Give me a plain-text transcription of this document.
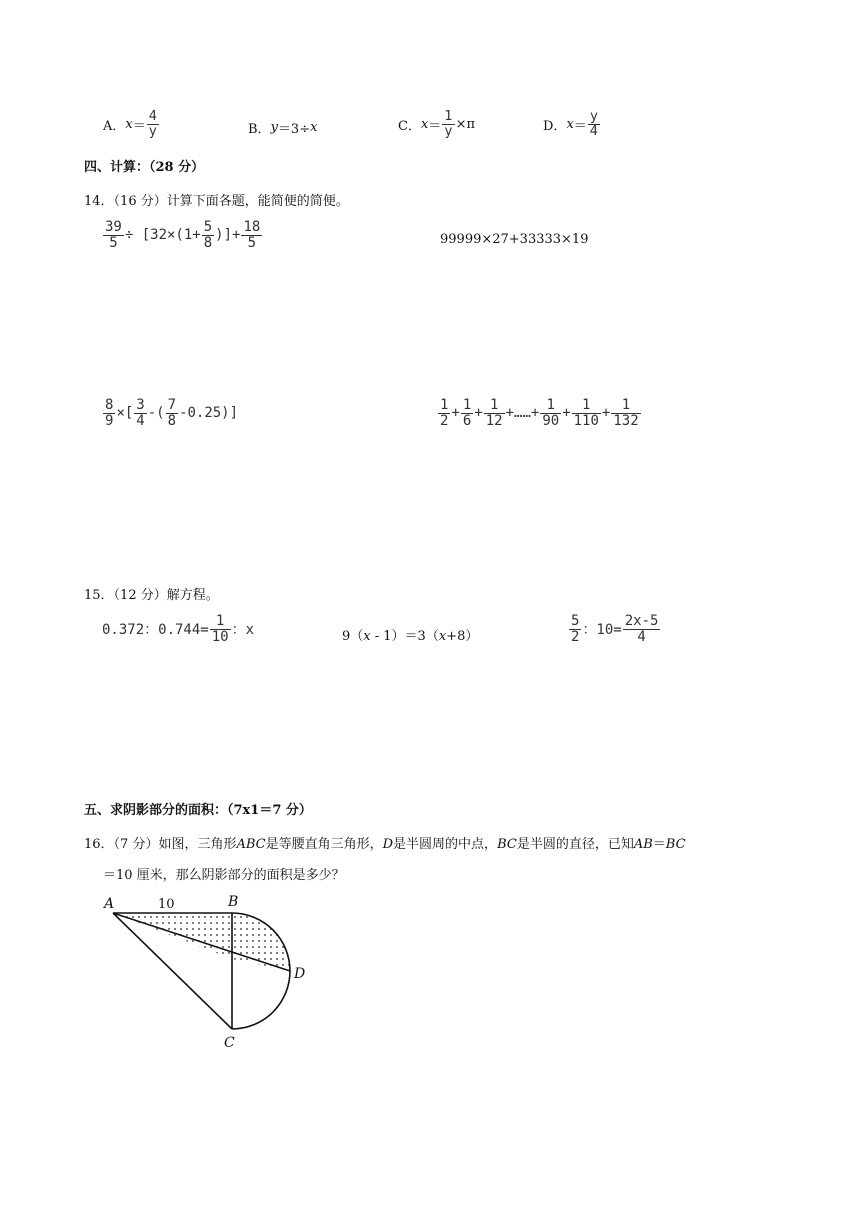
A． $x = \frac{4}{y}$	B． y ＝3÷ x	C． $x = \frac{1}{y} \times\pi$	D． $x = \frac{y}{4}$
四、计算：（28 分）
14．（16 分）计算下面各题，能简便的简便。
$\frac{39}{5} \div [32\times(1+ \frac{5}{8}$ )]+ $\frac{18}{5}$	99999×27+33333×19
$\frac{8}{9}$ ×[ $\frac{3}{4}$ -( $\frac{7}{8} -0.25$)]	$\frac{1}{2} + \frac{1}{6} + \frac{1}{12}$ +……+ $\frac{1}{90} + \frac{1}{110} + \frac{1}{132}$
15．（12 分）解方程。
0.372：$0.744= \frac{1}{10}$ ：x	9（x - 1）＝3（x+8）	$\frac{5}{2}$ ：$10= \frac{2x-5}{4}$
五、求阴影部分的面积：（7x1＝7 分）
16．（7 分）如图，三角形ABC是等腰直角三角形，D是半圆周的中点，BC是半圆的直径，已知AB＝BC
＝10 厘米，那么阴影部分的面积是多少？
A	B
C
D
10
